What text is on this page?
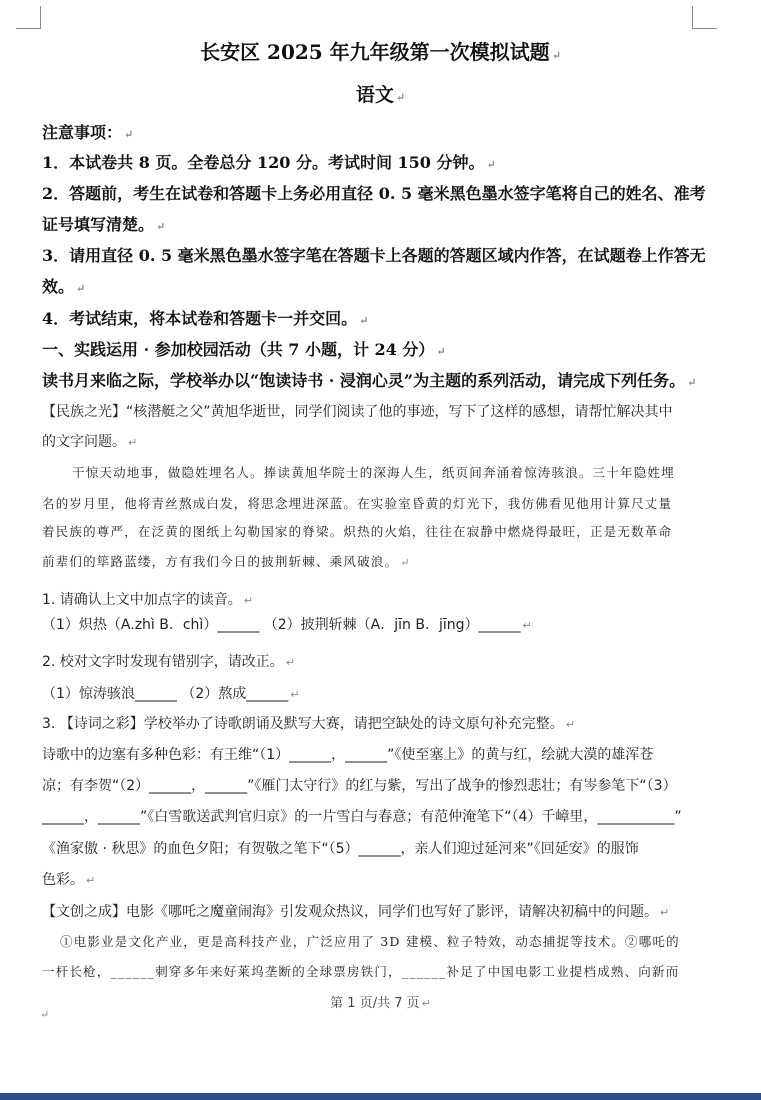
长安区 2025 年九年级第一次模拟试题 ↵
语文 ↵
注意事项： ↵
1．本试卷共 8 页。全卷总分 120 分。考试时间 150 分钟。 ↵
2．答题前，考生在试卷和答题卡上务必用直径 0. 5 毫米黑色墨水签字笔将自己的姓名、准考
证号填写清楚。 ↵
3．请用直径 0. 5 毫米黑色墨水签字笔在答题卡上各题的答题区域内作答，在试题卷上作答无
效。 ↵
4．考试结束，将本试卷和答题卡一并交回。 ↵
一、实践运用 · 参加校园活动（共 7 小题，计 24 分） ↵
读书月来临之际，学校举办以“饱读诗书 · 浸润心灵”为主题的系列活动，请完成下列任务。 ↵
【民族之光】“核潜艇之父”黄旭华逝世，同学们阅读了他的事迹，写下了这样的感想，请帮忙解决其中
的文字问题。 ↵
干惊天动地事，做隐姓埋名人。捧读黄旭华院士的深海人生，纸页间奔涌着惊涛骇浪。三十年隐姓埋
名的岁月里，他将青丝熬成白发，将思念埋进深蓝。在实验室昏黄的灯光下，我仿佛看见他用计算尺丈量
着民族的尊严，在泛黄的图纸上勾勒国家的脊梁。炽热的火焰，往往在寂静中燃烧得最旺，正是无数革命
前辈们的筚路蓝缕，方有我们今日的披荆斩棘、乘风破浪。 ↵
1. 请确认上文中加点字的读音。 ↵
（1）炽热（A.zhì B．chì）______ （2）披荆斩棘（A．jīn B．jīng）______ ↵
2. 校对文字时发现有错别字，请改正。 ↵
（1）惊涛骇浪______ （2）熬成______ ↵
3. 【诗词之彩】学校举办了诗歌朗诵及默写大赛，请把空缺处的诗文原句补充完整。 ↵
诗歌中的边塞有多种色彩：有王维“（1）______，______”《使至塞上》的黄与红，绘就大漠的雄浑苍
凉；有李贺“（2）______，______”《雁门太守行》的红与紫，写出了战争的惨烈悲壮；有岑参笔下“（3）
______，______”《白雪歌送武判官归京》的一片雪白与春意；有范仲淹笔下“（4）千嶂里，___________”
《渔家傲 · 秋思》的血色夕阳；有贺敬之笔下“（5）______，亲人们迎过延河来”《回延安》的服饰
色彩。 ↵
【文创之成】电影《哪吒之魔童闹海》引发观众热议，同学们也写好了影评，请解决初稿中的问题。 ↵
①电影业是文化产业，更是高科技产业，广泛应用了 3D 建模、粒子特效，动态捕捉等技术。②哪吒的
一杆长枪，______刺穿多年来好莱坞垄断的全球票房铁门，______补足了中国电影工业提档成熟、向新而
第 1 页/共 7 页 ↵
↵
